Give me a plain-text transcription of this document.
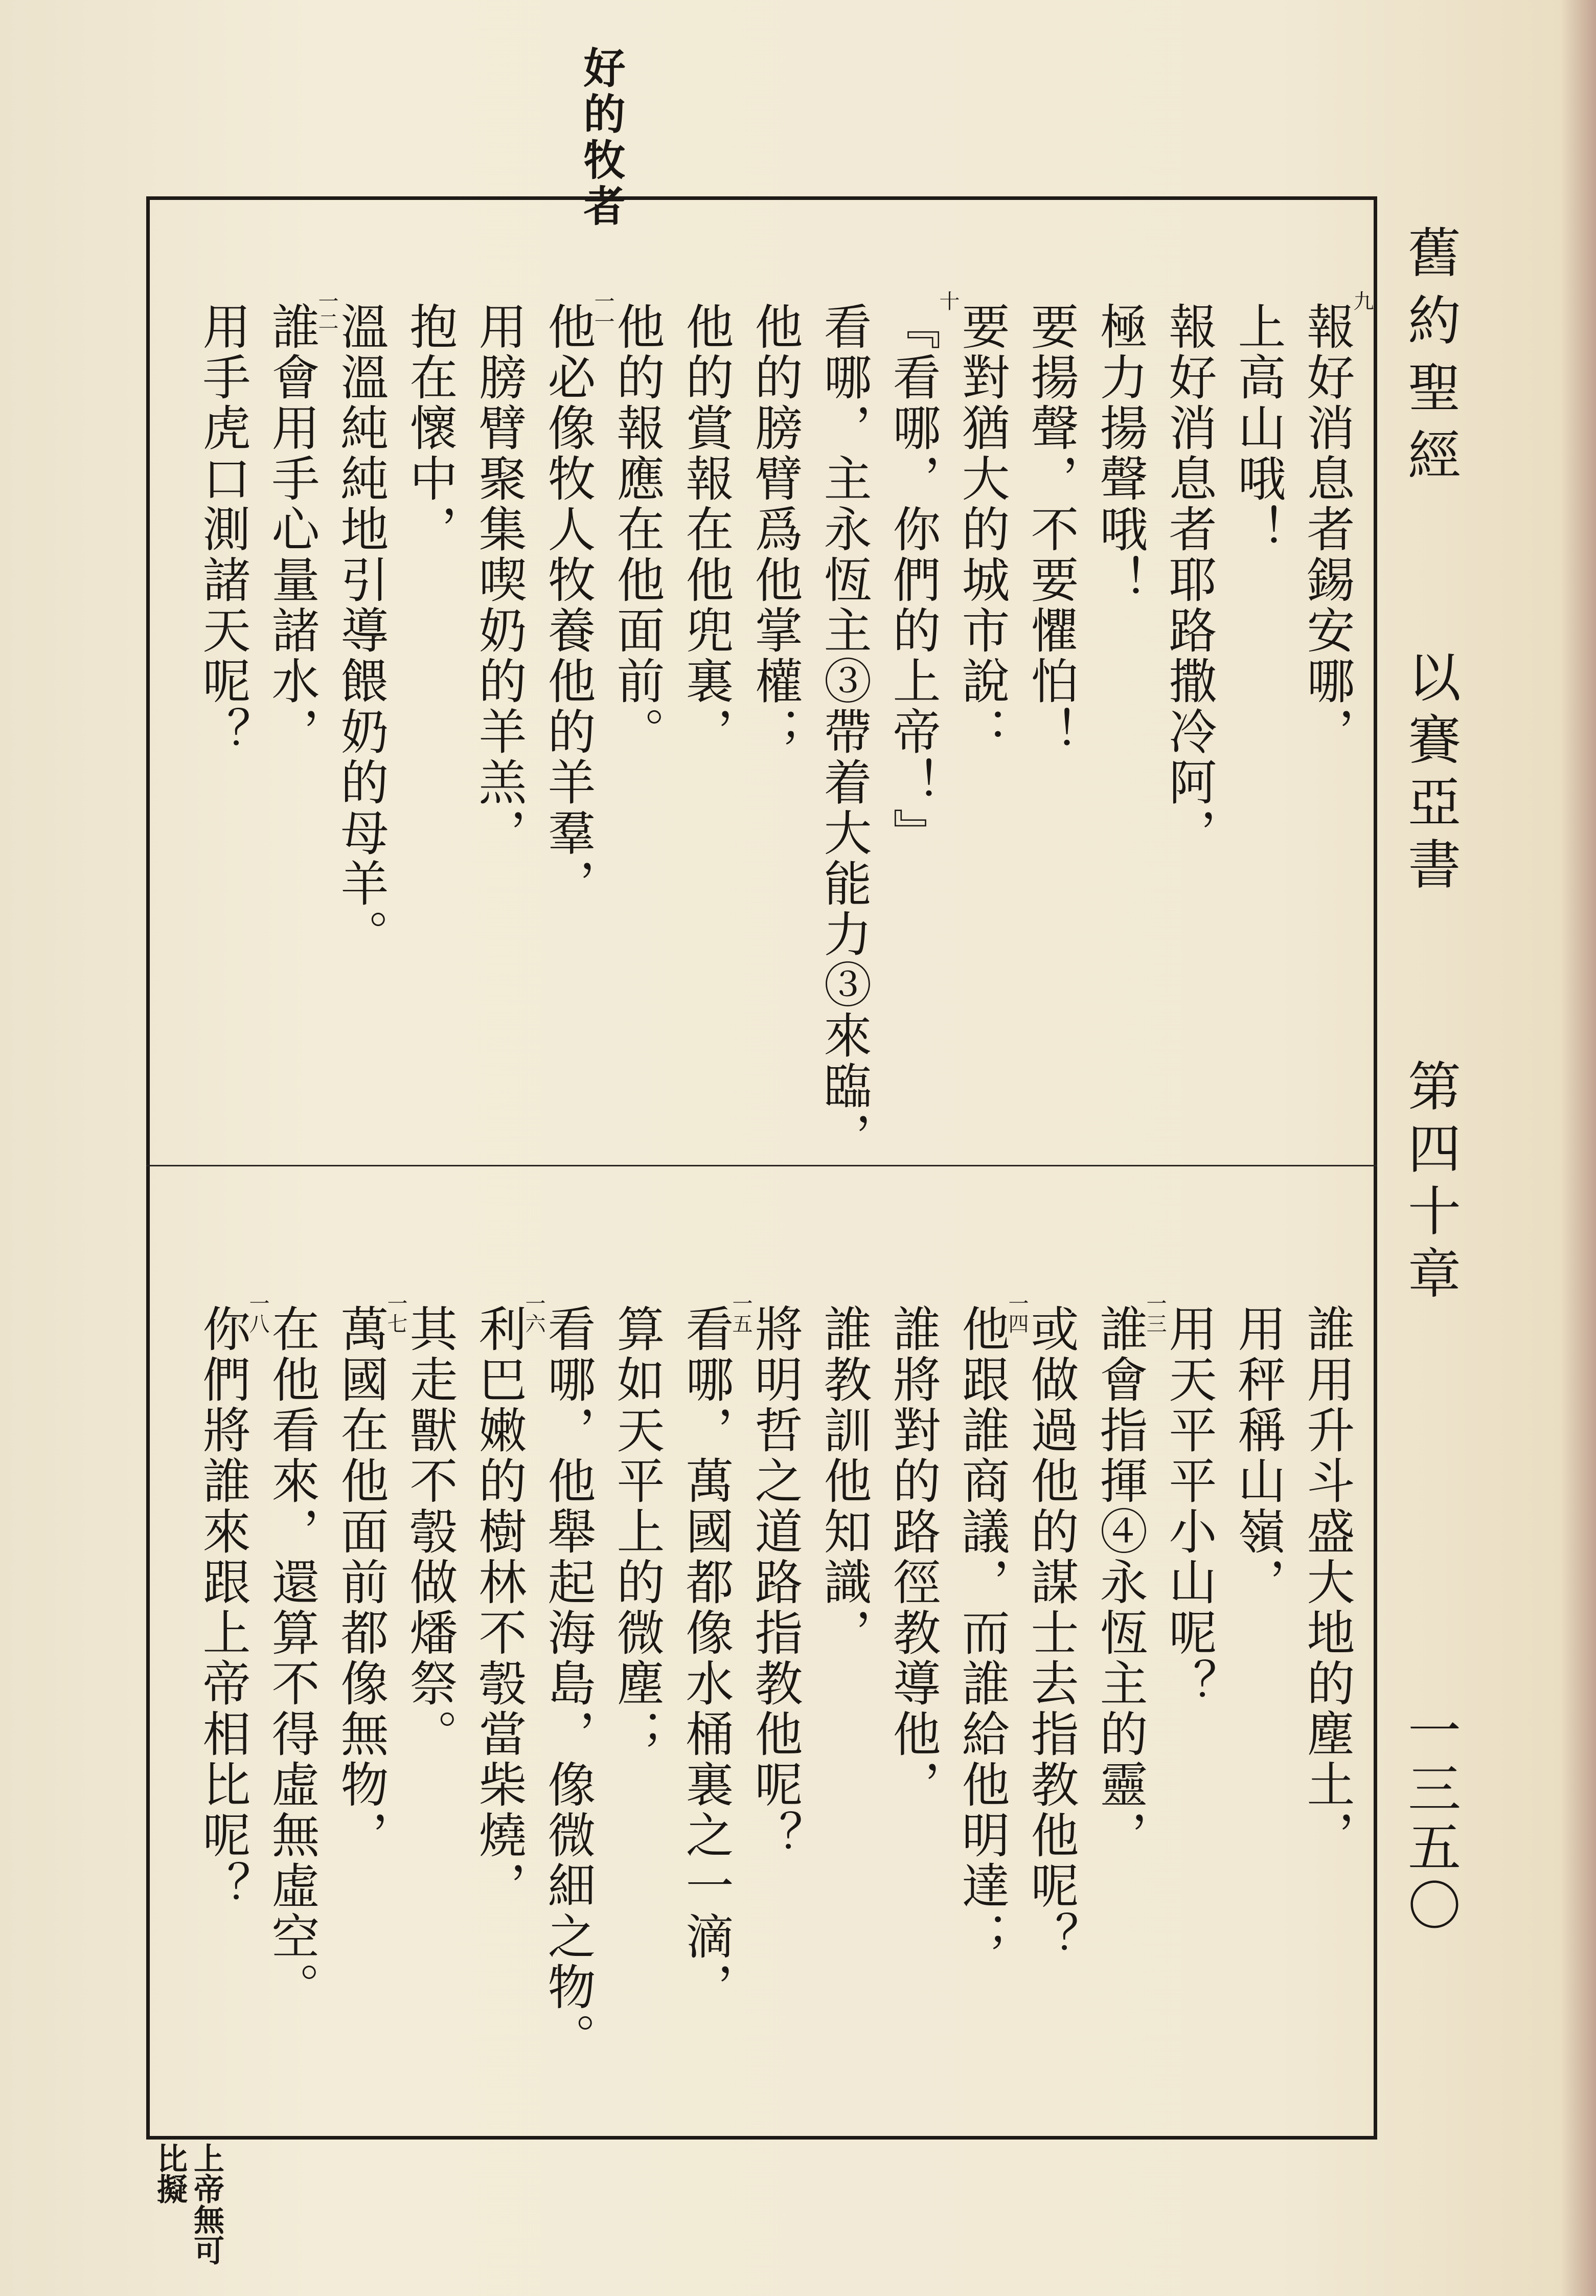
舊約聖經
以賽亞書
第四十章
一三五〇
好的牧者
上帝無可
比擬
報好消息者錫安哪，
九
上高山哦！
報好消息者耶路撒冷阿，
極力揚聲哦！
要揚聲，不要懼怕！
要對猶大的城市說：
『看哪，你們的上帝！』
十
看哪，主永恆主③帶着大能力③來臨，
他的膀臂爲他掌權；
他的賞報在他兜裏，
他的報應在他面前。
他必像牧人牧養他的羊羣，
一一
用膀臂聚集喫奶的羊羔，
抱在懷中，
溫溫純純地引導餵奶的母羊。
誰會用手心量諸水，
一二
用手虎口測諸天呢？
誰用升斗盛大地的塵土，
用秤稱山嶺，
用天平平小山呢？
誰會指揮④永恆主的靈，
一三
或做過他的謀士去指教他呢？
他跟誰商議，而誰給他明達；
一四
誰將對的路徑教導他，
誰教訓他知識，
將明哲之道路指教他呢？
看哪，萬國都像水桶裏之一滴，
一五
算如天平上的微塵；
看哪，他舉起海島，像微細之物。
利巴嫩的樹林不彀當柴燒，
一六
其走獸不彀做燔祭。
萬國在他面前都像無物，
一七
在他看來，還算不得虛無虛空。
你們將誰來跟上帝相比呢？
一八
